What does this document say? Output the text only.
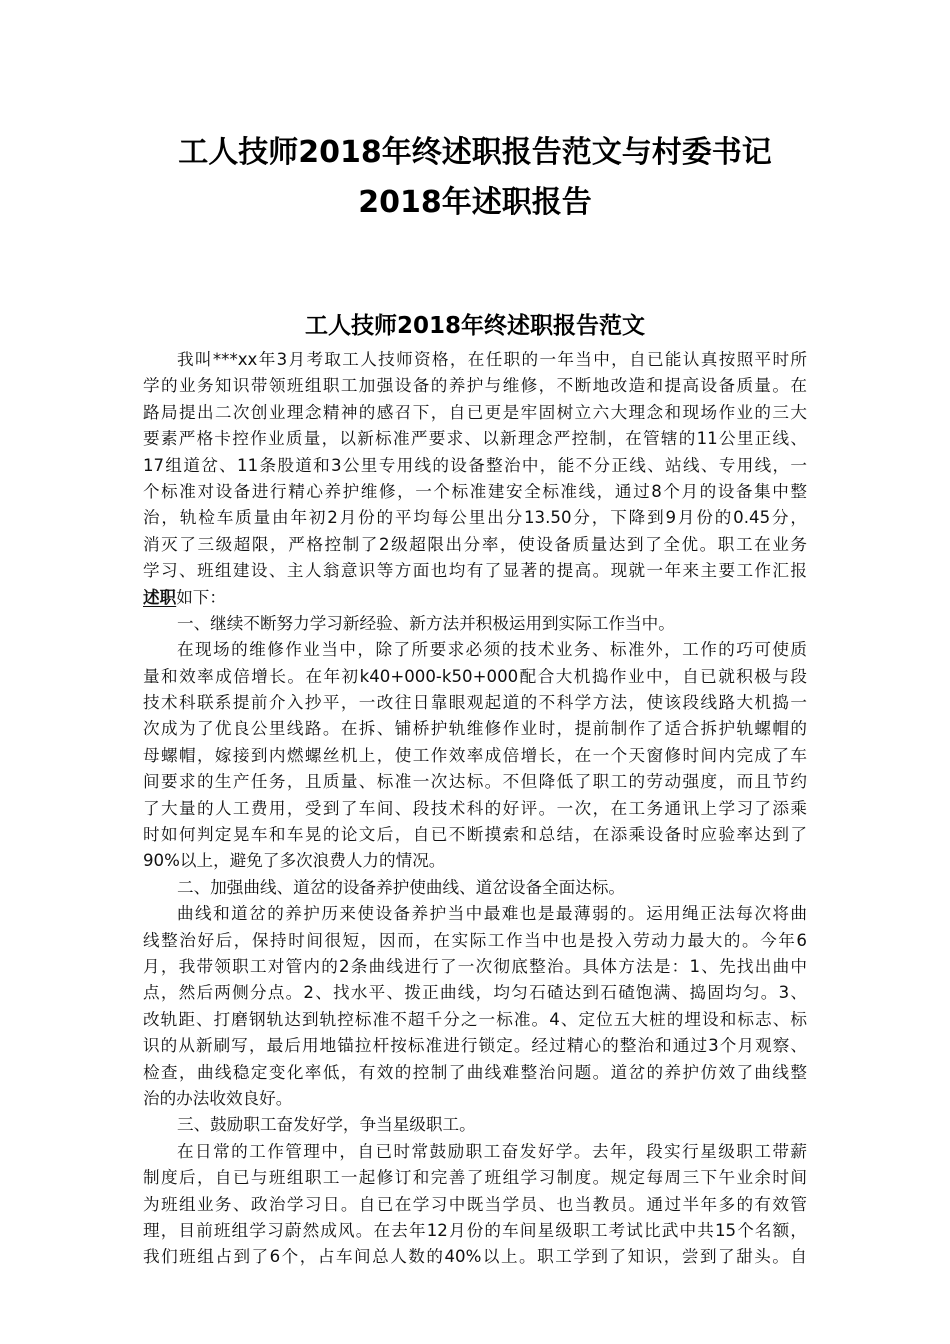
工人技师2018年终述职报告范文与村委书记
2018年述职报告
工人技师2018年终述职报告范文
我叫***xx年3月考取工人技师资格，在任职的一年当中，自已能认真按照平时所
学的业务知识带领班组职工加强设备的养护与维修，不断地改造和提高设备质量。在
路局提出二次创业理念精神的感召下，自已更是牢固树立六大理念和现场作业的三大
要素严格卡控作业质量，以新标准严要求、以新理念严控制，在管辖的11公里正线、
17组道岔、11条股道和3公里专用线的设备整治中，能不分正线、站线、专用线，一
个标准对设备进行精心养护维修，一个标准建安全标准线，通过8个月的设备集中整
治，轨检车质量由年初2月份的平均每公里出分13.50分，下降到9月份的0.45分，
消灭了三级超限，严格控制了2级超限出分率，使设备质量达到了全优。职工在业务
学习、班组建设、主人翁意识等方面也均有了显著的提高。现就一年来主要工作汇报
述职如下：
一、继续不断努力学习新经验、新方法并积极运用到实际工作当中。
在现场的维修作业当中，除了所要求必须的技术业务、标准外，工作的巧可使质
量和效率成倍增长。在年初k40+000-k50+000配合大机捣作业中，自已就积极与段
技术科联系提前介入抄平，一改往日靠眼观起道的不科学方法，使该段线路大机捣一
次成为了优良公里线路。在拆、铺桥护轨维修作业时，提前制作了适合拆护轨螺帽的
母螺帽，嫁接到内燃螺丝机上，使工作效率成倍增长，在一个天窗修时间内完成了车
间要求的生产任务，且质量、标准一次达标。不但降低了职工的劳动强度，而且节约
了大量的人工费用，受到了车间、段技术科的好评。一次，在工务通讯上学习了添乘
时如何判定晃车和车晃的论文后，自已不断摸索和总结，在添乘设备时应验率达到了
90%以上，避免了多次浪费人力的情况。
二、加强曲线、道岔的设备养护使曲线、道岔设备全面达标。
曲线和道岔的养护历来使设备养护当中最难也是最薄弱的。运用绳正法每次将曲
线整治好后，保持时间很短，因而，在实际工作当中也是投入劳动力最大的。今年6
月，我带领职工对管内的2条曲线进行了一次彻底整治。具体方法是：1、先找出曲中
点，然后两侧分点。2、找水平、拨正曲线，均匀石碴达到石碴饱满、捣固均匀。3、
改轨距、打磨钢轨达到轨控标准不超千分之一标准。4、定位五大桩的埋设和标志、标
识的从新刷写，最后用地锚拉杆按标准进行锁定。经过精心的整治和通过3个月观察、
检查，曲线稳定变化率低，有效的控制了曲线难整治问题。道岔的养护仿效了曲线整
治的办法收效良好。
三、鼓励职工奋发好学，争当星级职工。
在日常的工作管理中，自已时常鼓励职工奋发好学。去年，段实行星级职工带薪
制度后，自已与班组职工一起修订和完善了班组学习制度。规定每周三下午业余时间
为班组业务、政治学习日。自已在学习中既当学员、也当教员。通过半年多的有效管
理，目前班组学习蔚然成风。在去年12月份的车间星级职工考试比武中共15个名额，
我们班组占到了6个，占车间总人数的40%以上。职工学到了知识，尝到了甜头。自
